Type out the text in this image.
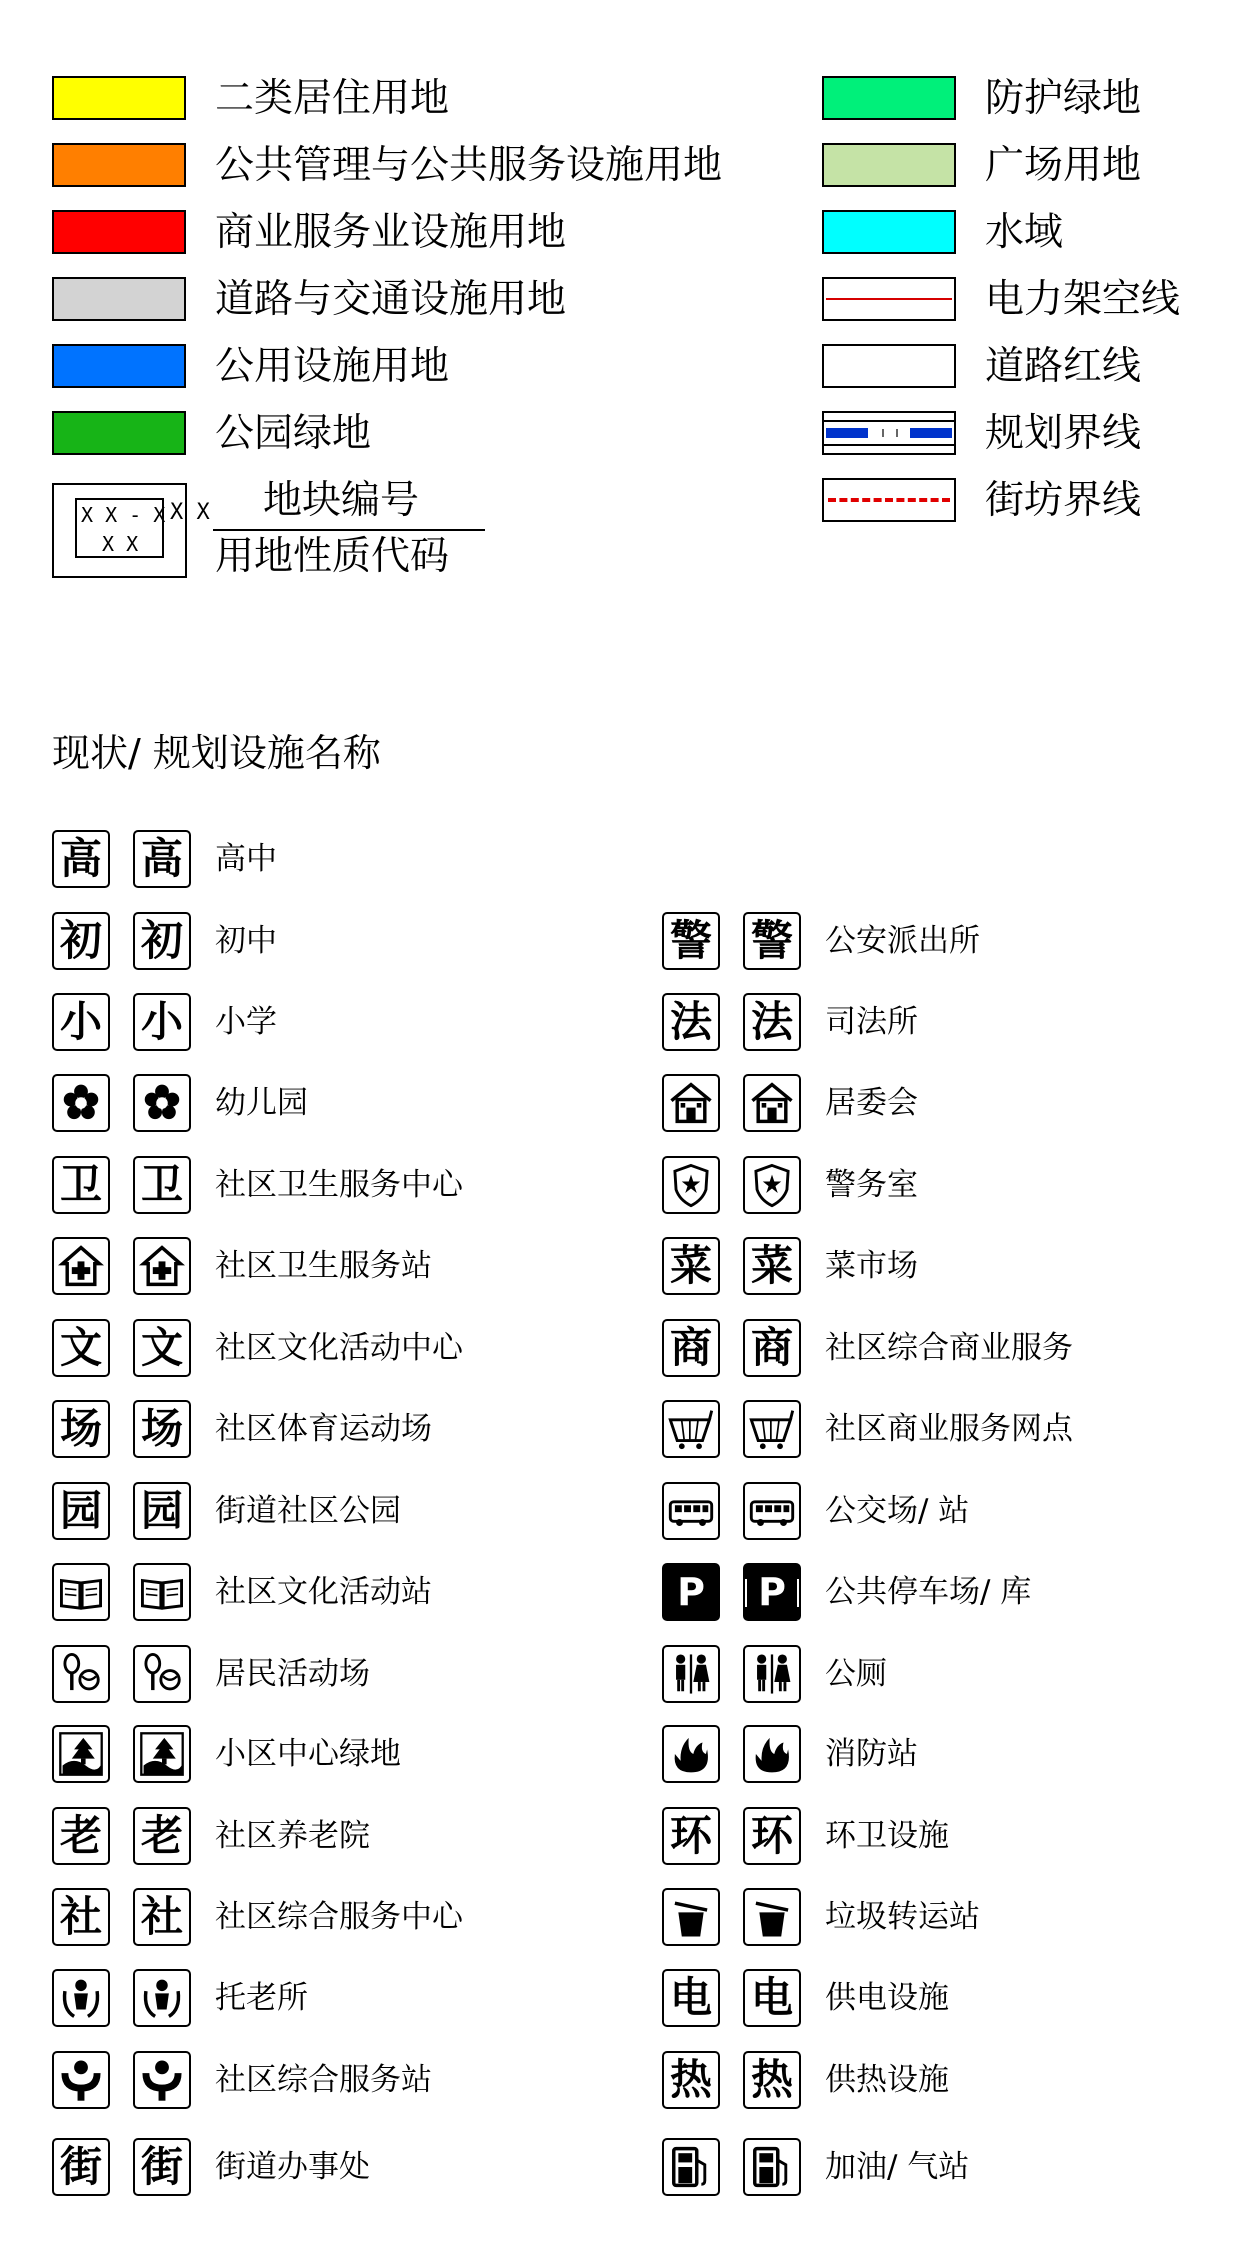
二类居住用地
公共管理与公共服务设施用地
商业服务业设施用地
道路与交通设施用地
公用设施用地
公园绿地
X X - X
X X
X X 地块编号
用地性质代码
防护绿地
广场用地
水域
电力架空线
道路红线
规划界线
街坊界线
现状/ 规划设施名称
高 高 高中
初 初 初中
小 小 小学
幼儿园
卫 卫 社区卫生服务中心
社区卫生服务站
文 文 社区文化活动中心
场 场 社区体育运动场
园 园 街道社区公园
社区文化活动站
居民活动场
小区中心绿地
老 老 社区养老院
社 社 社区综合服务中心
托老所
社区综合服务站
街 街 街道办事处
警 警 公安派出所
法 法 司法所
居委会
警务室
菜 菜 菜市场
商 商 社区综合商业服务
社区商业服务网点
公交场/ 站
P P 公共停车场/ 库
公厕
消防站
环 环 环卫设施
垃圾转运站
电 电 供电设施
热 热 供热设施
加油/ 气站
